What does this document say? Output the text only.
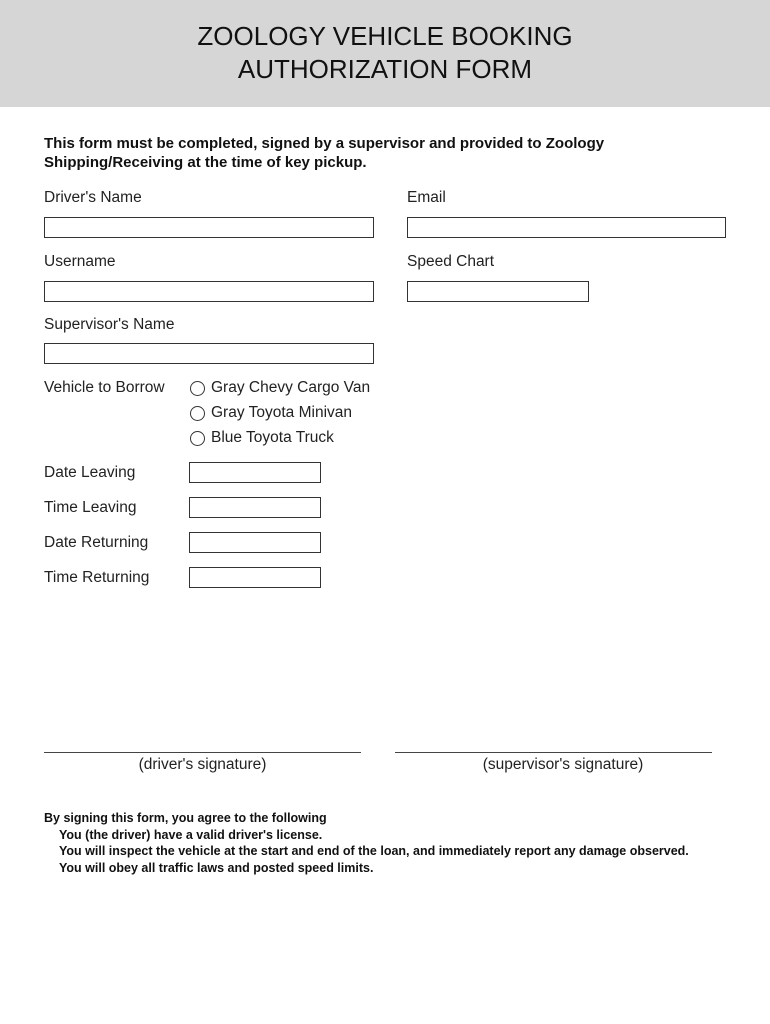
ZOOLOGY VEHICLE BOOKING
AUTHORIZATION FORM
This form must be completed, signed by a supervisor and provided to Zoology
Shipping/Receiving at the time of key pickup.
Driver's Name	Email
Username	Speed Chart
Supervisor's Name
Vehicle to Borrow	Gray Chevy Cargo Van
Gray Toyota Minivan
Blue Toyota Truck
Date Leaving
Time Leaving
Date Returning
Time Returning
(driver's signature)	(supervisor's signature)
By signing this form, you agree to the following
You (the driver) have a valid driver's license.
You will inspect the vehicle at the start and end of the loan, and immediately report any damage observed.
You will obey all traffic laws and posted speed limits.
